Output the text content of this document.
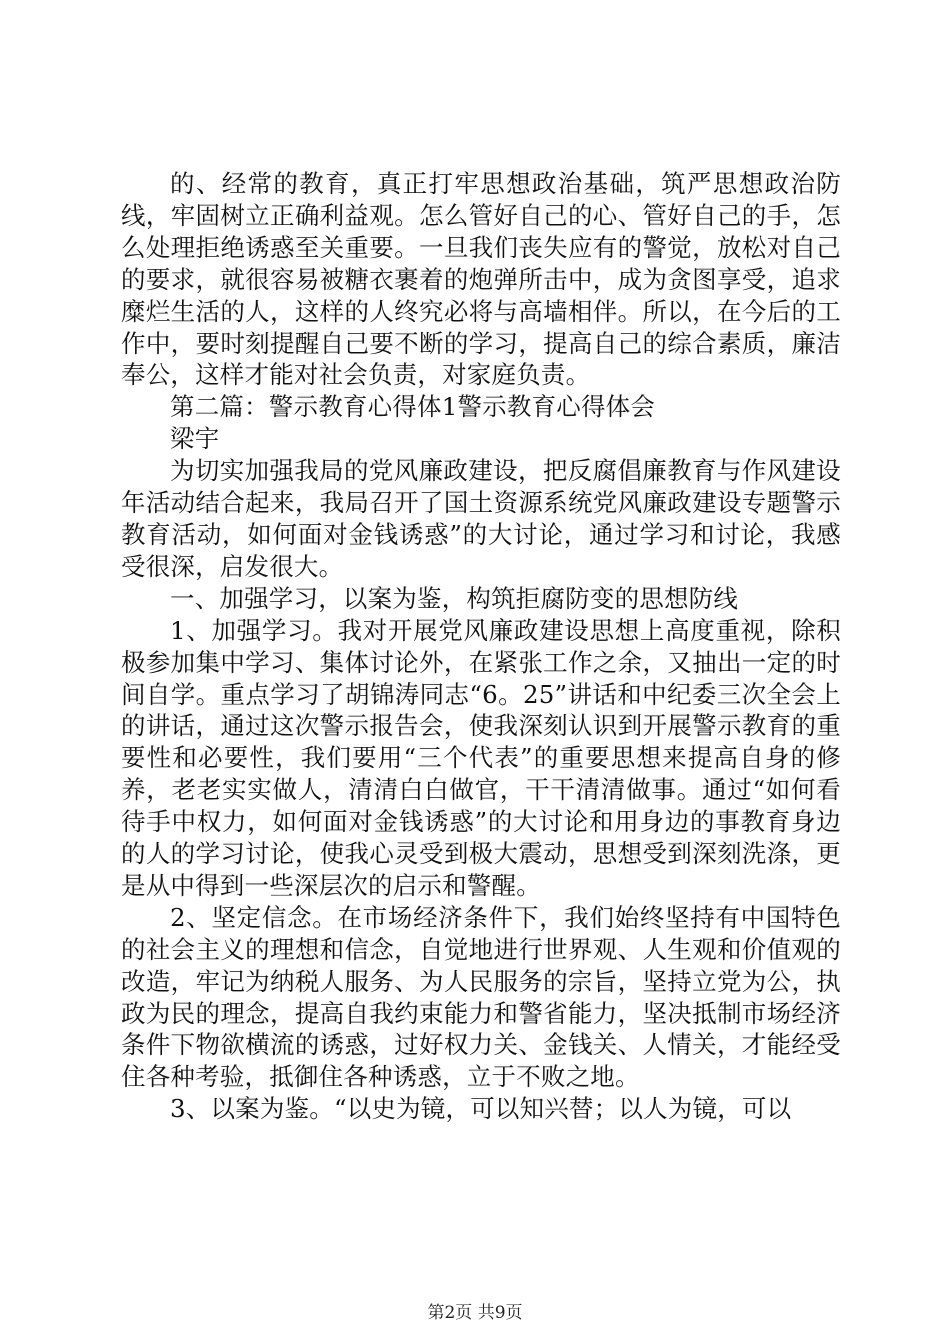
的、经常的教育，真正打牢思想政治基础，筑严思想政治防线，牢固树立正确利益观。怎么管好自己的心、管好自己的手，怎么处理拒绝诱惑至关重要。一旦我们丧失应有的警觉，放松对自己的要求，就很容易被糖衣裹着的炮弹所击中，成为贪图享受，追求糜烂生活的人，这样的人终究必将与高墙相伴。所以，在今后的工作中，要时刻提醒自己要不断的学习，提高自己的综合素质，廉洁奉公，这样才能对社会负责，对家庭负责。

第二篇：警示教育心得体1警示教育心得体会

梁宇

为切实加强我局的党风廉政建设，把反腐倡廉教育与作风建设年活动结合起来，我局召开了国土资源系统党风廉政建设专题警示教育活动，如何面对金钱诱惑”的大讨论，通过学习和讨论，我感受很深，启发很大。

一、加强学习，以案为鉴，构筑拒腐防变的思想防线

1、加强学习。我对开展党风廉政建设思想上高度重视，除积极参加集中学习、集体讨论外，在紧张工作之余，又抽出一定的时间自学。重点学习了胡锦涛同志“6。25”讲话和中纪委三次全会上的讲话，通过这次警示报告会，使我深刻认识到开展警示教育的重要性和必要性，我们要用“三个代表”的重要思想来提高自身的修养，老老实实做人，清清白白做官，干干清清做事。通过“如何看待手中权力，如何面对金钱诱惑”的大讨论和用身边的事教育身边的人的学习讨论，使我心灵受到极大震动，思想受到深刻洗涤，更是从中得到一些深层次的启示和警醒。

2、坚定信念。在市场经济条件下，我们始终坚持有中国特色的社会主义的理想和信念，自觉地进行世界观、人生观和价值观的改造，牢记为纳税人服务、为人民服务的宗旨，坚持立党为公，执政为民的理念，提高自我约束能力和警省能力，坚决抵制市场经济条件下物欲横流的诱惑，过好权力关、金钱关、人情关，才能经受住各种考验，抵御住各种诱惑，立于不败之地。

3、以案为鉴。“以史为镜，可以知兴替；以人为镜，可以

第2页 共9页
